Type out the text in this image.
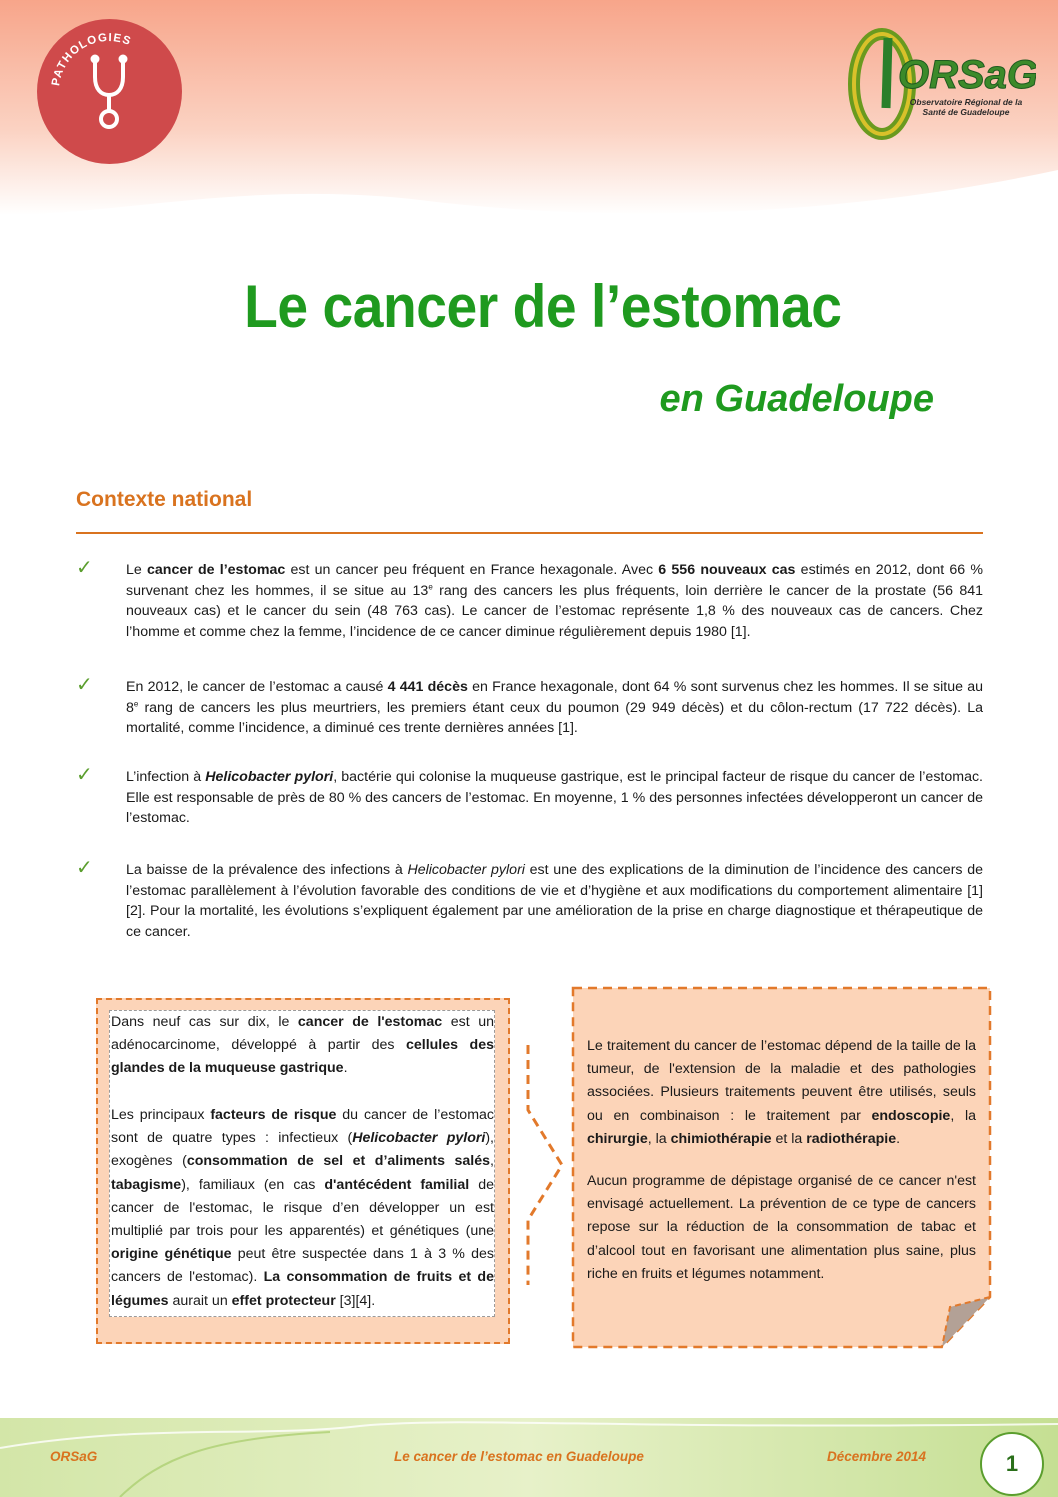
PATHOLOGIES
ORSaG
Observatoire Régional de la Santé de Guadeloupe
Le cancer de l’estomac
en Guadeloupe
Contexte national
✓ Le cancer de l’estomac est un cancer peu fréquent en France hexagonale. Avec 6 556 nouveaux cas estimés en 2012, dont 66 % survenant chez les hommes, il se situe au 13e rang des cancers les plus fréquents, loin derrière le cancer de la prostate (56 841 nouveaux cas) et le cancer du sein (48 763 cas). Le cancer de l’estomac représente 1,8 % des nouveaux cas de cancers. Chez l’homme et comme chez la femme, l’incidence de ce cancer diminue régulièrement depuis 1980 [1].

✓ En 2012, le cancer de l’estomac a causé 4 441 décès en France hexagonale, dont 64 % sont survenus chez les hommes. Il se situe au 8e rang de cancers les plus meurtriers, les premiers étant ceux du poumon (29 949 décès) et du côlon-rectum (17 722 décès). La mortalité, comme l’incidence, a diminué ces trente dernières années [1].

✓ L’infection à Helicobacter pylori, bactérie qui colonise la muqueuse gastrique, est le principal facteur de risque du cancer de l’estomac. Elle est responsable de près de 80 % des cancers de l’estomac. En moyenne, 1 % des personnes infectées développeront un cancer de l’estomac.

✓ La baisse de la prévalence des infections à Helicobacter pylori est une des explications de la diminution de l’incidence des cancers de l’estomac parallèlement à l’évolution favorable des conditions de vie et d’hygiène et aux modifications du comportement alimentaire [1] [2]. Pour la mortalité, les évolutions s’expliquent également par une amélioration de la prise en charge diagnostique et thérapeutique de ce cancer.

Dans neuf cas sur dix, le cancer de l'estomac est un adénocarcinome, développé à partir des cellules des glandes de la muqueuse gastrique.

Les principaux facteurs de risque du cancer de l’estomac sont de quatre types : infectieux (Helicobacter pylori), exogènes (consommation de sel et d’aliments salés, tabagisme), familiaux (en cas d'antécédent familial de cancer de l'estomac, le risque d’en développer un est multiplié par trois pour les apparentés) et génétiques (une origine génétique peut être suspectée dans 1 à 3 % des cancers de l'estomac). La consommation de fruits et de légumes aurait un effet protecteur [3][4].

Le traitement du cancer de l’estomac dépend de la taille de la tumeur, de l'extension de la maladie et des pathologies associées. Plusieurs traitements peuvent être utilisés, seuls ou en combinaison : le traitement par endoscopie, la chirurgie, la chimiothérapie et la radiothérapie.

Aucun programme de dépistage organisé de ce cancer n'est envisagé actuellement. La prévention de ce type de cancers repose sur la réduction de la consommation de tabac et d’alcool tout en favorisant une alimentation plus saine, plus riche en fruits et légumes notamment.

ORSaG	Le cancer de l’estomac en Guadeloupe	Décembre 2014	1
